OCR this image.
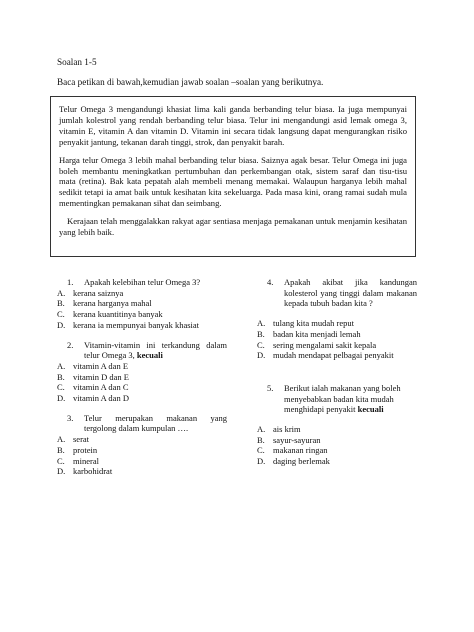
Soalan 1-5
Baca petikan di bawah,kemudian jawab soalan –soalan yang berikutnya.

Telur Omega 3 mengandungi khasiat lima kali ganda berbanding telur biasa. Ia juga mempunyai jumlah kolestrol yang rendah berbanding telur biasa. Telur ini mengandungi asid lemak omega 3, vitamin E, vitamin A dan vitamin D. Vitamin ini secara tidak langsung dapat mengurangkan risiko penyakit jantung, tekanan darah tinggi, strok, dan penyakit barah.

Harga telur Omega 3 lebih mahal berbanding telur biasa. Saiznya agak besar. Telur Omega ini juga boleh membantu meningkatkan pertumbuhan dan perkembangan otak, sistem saraf dan tisu-tisu mata (retina). Bak kata pepatah alah membeli menang memakai. Walaupun harganya lebih mahal sedikit tetapi ia amat baik untuk kesihatan kita sekeluarga. Pada masa kini, orang ramai sudah mula mementingkan pemakanan sihat dan seimbang.

Kerajaan telah menggalakkan rakyat agar sentiasa menjaga pemakanan untuk menjamin kesihatan yang lebih baik.

1.	Apakah kelebihan telur Omega 3?
A. kerana saiznya
B. kerana harganya mahal
C. kerana kuantitinya banyak
D. kerana ia mempunyai banyak khasiat
2.	Vitamin-vitamin ini terkandung dalam telur Omega 3, kecuali
A. vitamin A dan E
B. vitamin D dan E
C. vitamin A dan C
D. vitamin A dan D
3.	Telur merupakan makanan yang tergolong dalam kumpulan ….
A. serat
B. protein
C. mineral
D. karbohidrat
4.	Apakah akibat jika kandungan kolesterol yang tinggi dalam makanan kepada tubuh badan kita ?
A. tulang kita mudah reput
B. badan kita menjadi lemah
C. sering mengalami sakit kepala
D. mudah mendapat pelbagai penyakit
5.	Berikut ialah makanan yang boleh menyebabkan badan kita mudah menghidapi penyakit kecuali
A. ais krim
B. sayur-sayuran
C. makanan ringan
D. daging berlemak
